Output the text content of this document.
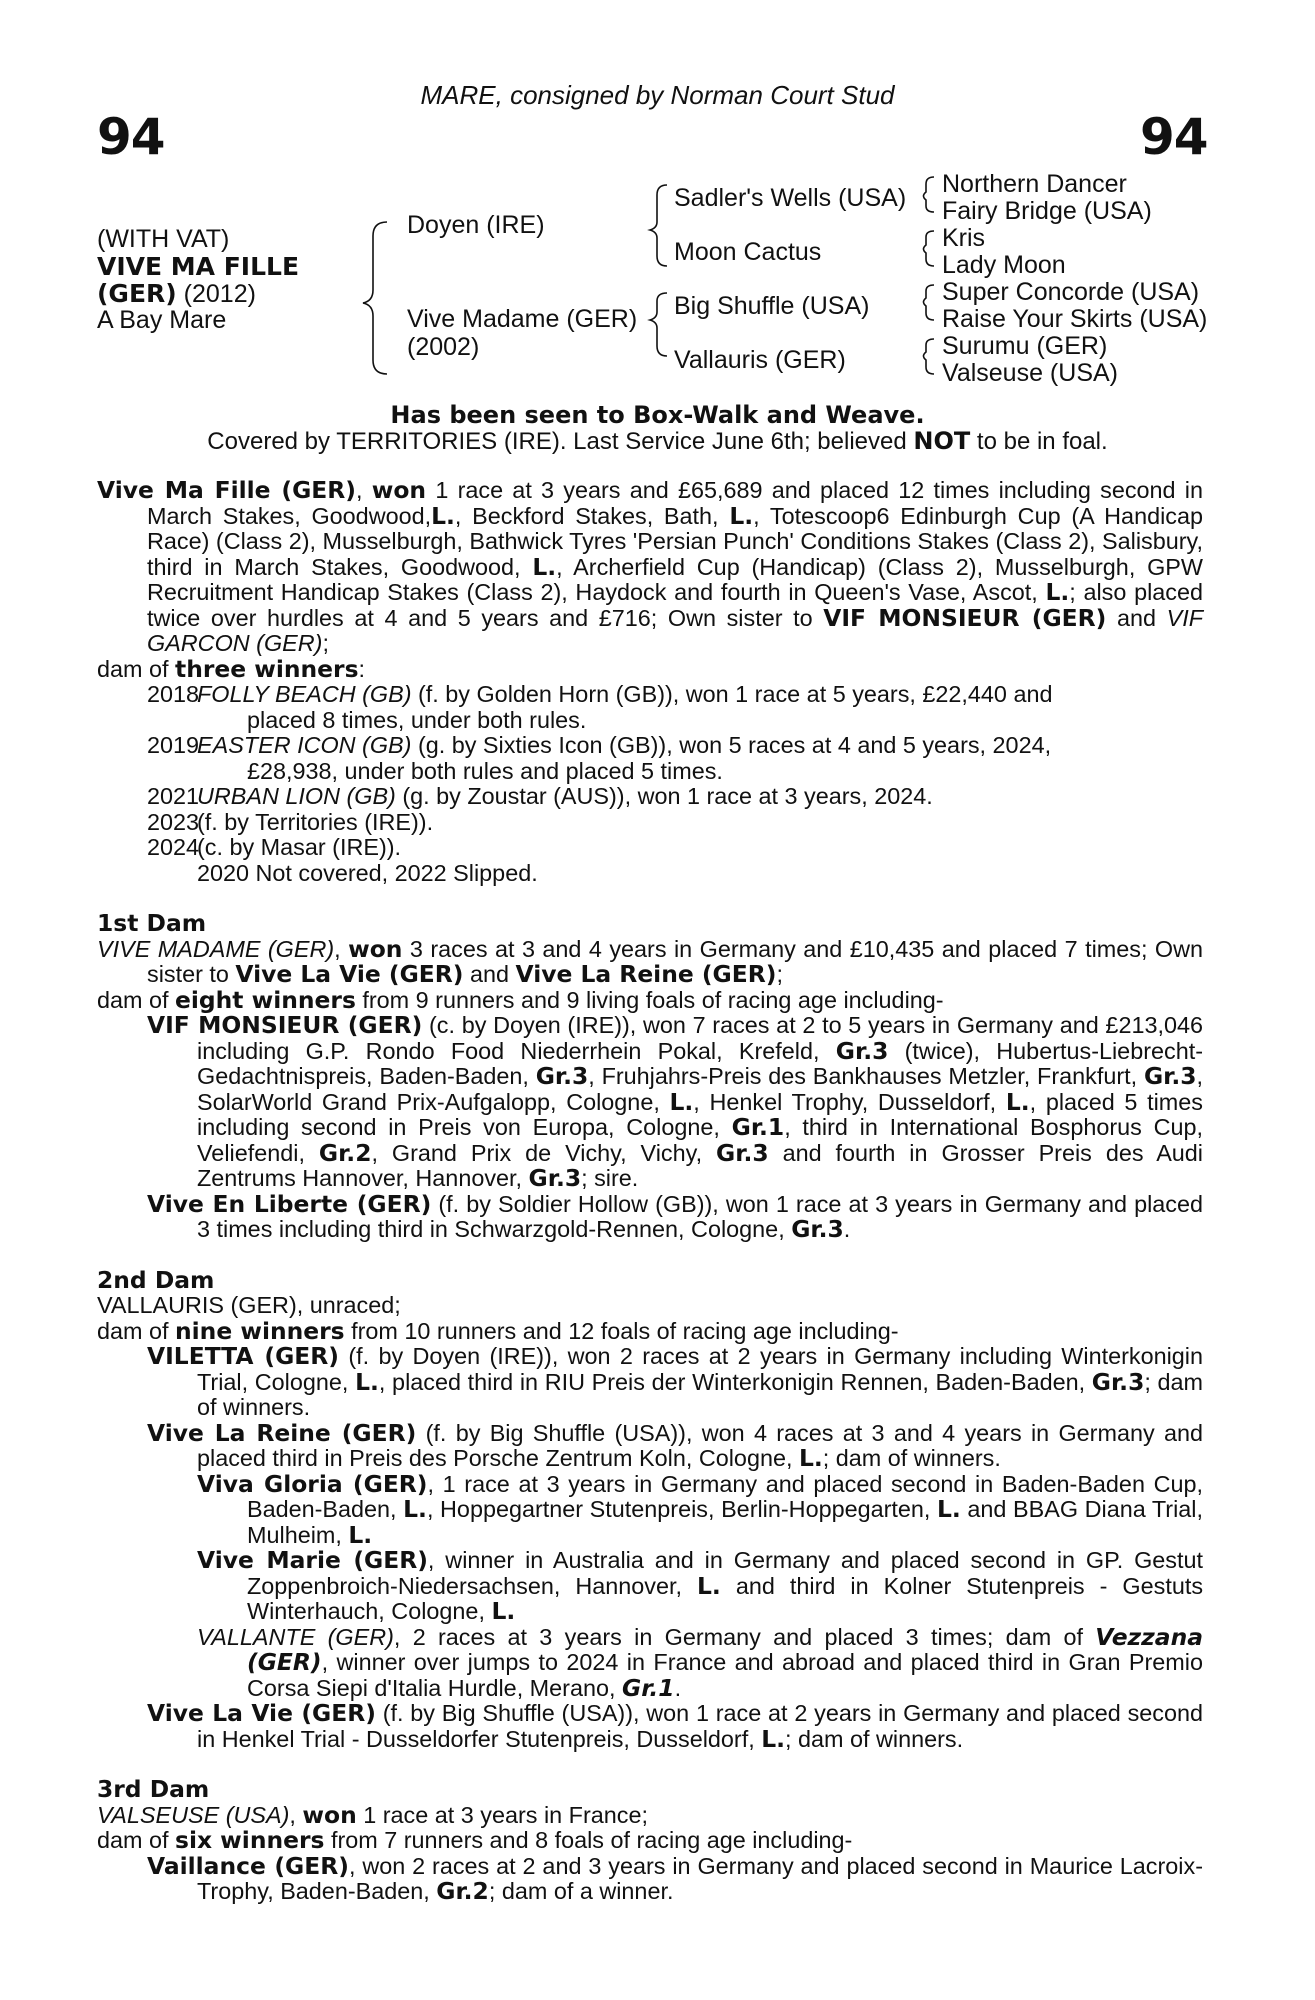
94	94
MARE, consigned by Norman Court Stud
(WITH VAT)
VIVE MA FILLE
(GER) (2012)
A Bay Mare
Doyen (IRE)
Vive Madame (GER)
(2002)
Sadler's Wells (USA)
Moon Cactus
Big Shuffle (USA)
Vallauris (GER)
Northern Dancer
Fairy Bridge (USA)
Kris
Lady Moon
Super Concorde (USA)
Raise Your Skirts (USA)
Surumu (GER)
Valseuse (USA)
Has been seen to Box-Walk and Weave.
Covered by TERRITORIES (IRE). Last Service June 6th; believed NOT to be in foal.

Vive Ma Fille (GER), won 1 race at 3 years and £65,689 and placed 12 times including second in March Stakes, Goodwood,L., Beckford Stakes, Bath, L., Totescoop6 Edinburgh Cup (A Handicap Race) (Class 2), Musselburgh, Bathwick Tyres 'Persian Punch' Conditions Stakes (Class 2), Salisbury, third in March Stakes, Goodwood, L., Archerfield Cup (Handicap) (Class 2), Musselburgh, GPW Recruitment Handicap Stakes (Class 2), Haydock and fourth in Queen's Vase, Ascot, L.; also placed twice over hurdles at 4 and 5 years and £716; Own sister to VIF MONSIEUR (GER) and VIF GARCON (GER);

dam of three winners:

2018
FOLLY BEACH (GB) (f. by Golden Horn (GB)), won 1 race at 5 years, £22,440 and
placed 8 times, under both rules.
2019
EASTER ICON (GB) (g. by Sixties Icon (GB)), won 5 races at 4 and 5 years, 2024,
£28,938, under both rules and placed 5 times.
2021
URBAN LION (GB) (g. by Zoustar (AUS)), won 1 race at 3 years, 2024.
2023
(f. by Territories (IRE)).
2024
(c. by Masar (IRE)).
2020 Not covered, 2022 Slipped.

1st Dam

VIVE MADAME (GER), won 3 races at 3 and 4 years in Germany and £10,435 and placed 7 times; Own sister to Vive La Vie (GER) and Vive La Reine (GER);

dam of eight winners from 9 runners and 9 living foals of racing age including-

VIF MONSIEUR (GER) (c. by Doyen (IRE)), won 7 races at 2 to 5 years in Germany and £213,046 including G.P. Rondo Food Niederrhein Pokal, Krefeld, Gr.3 (twice), Hubertus-Liebrecht-Gedachtnispreis, Baden-Baden, Gr.3, Fruhjahrs-Preis des Bankhauses Metzler, Frankfurt, Gr.3, SolarWorld Grand Prix-Aufgalopp, Cologne, L., Henkel Trophy, Dusseldorf, L., placed 5 times including second in Preis von Europa, Cologne, Gr.1, third in International Bosphorus Cup, Veliefendi, Gr.2, Grand Prix de Vichy, Vichy, Gr.3 and fourth in Grosser Preis des Audi Zentrums Hannover, Hannover, Gr.3; sire.

Vive En Liberte (GER) (f. by Soldier Hollow (GB)), won 1 race at 3 years in Germany and placed 3 times including third in Schwarzgold-Rennen, Cologne, Gr.3.

2nd Dam

VALLAURIS (GER), unraced;

dam of nine winners from 10 runners and 12 foals of racing age including-

VILETTA (GER) (f. by Doyen (IRE)), won 2 races at 2 years in Germany including Winterkonigin Trial, Cologne, L., placed third in RIU Preis der Winterkonigin Rennen, Baden-Baden, Gr.3; dam of winners.

Vive La Reine (GER) (f. by Big Shuffle (USA)), won 4 races at 3 and 4 years in Germany and placed third in Preis des Porsche Zentrum Koln, Cologne, L.; dam of winners.

Viva Gloria (GER), 1 race at 3 years in Germany and placed second in Baden-Baden Cup, Baden-Baden, L., Hoppegartner Stutenpreis, Berlin-Hoppegarten, L. and BBAG Diana Trial, Mulheim, L.

Vive Marie (GER), winner in Australia and in Germany and placed second in GP. Gestut Zoppenbroich-Niedersachsen, Hannover, L. and third in Kolner Stutenpreis - Gestuts Winterhauch, Cologne, L.

VALLANTE (GER), 2 races at 3 years in Germany and placed 3 times; dam of Vezzana (GER), winner over jumps to 2024 in France and abroad and placed third in Gran Premio Corsa Siepi d'Italia Hurdle, Merano, Gr.1.

Vive La Vie (GER) (f. by Big Shuffle (USA)), won 1 race at 2 years in Germany and placed second in Henkel Trial - Dusseldorfer Stutenpreis, Dusseldorf, L.; dam of winners.

3rd Dam

VALSEUSE (USA), won 1 race at 3 years in France;

dam of six winners from 7 runners and 8 foals of racing age including-

Vaillance (GER), won 2 races at 2 and 3 years in Germany and placed second in Maurice Lacroix-Trophy, Baden-Baden, Gr.2; dam of a winner.
